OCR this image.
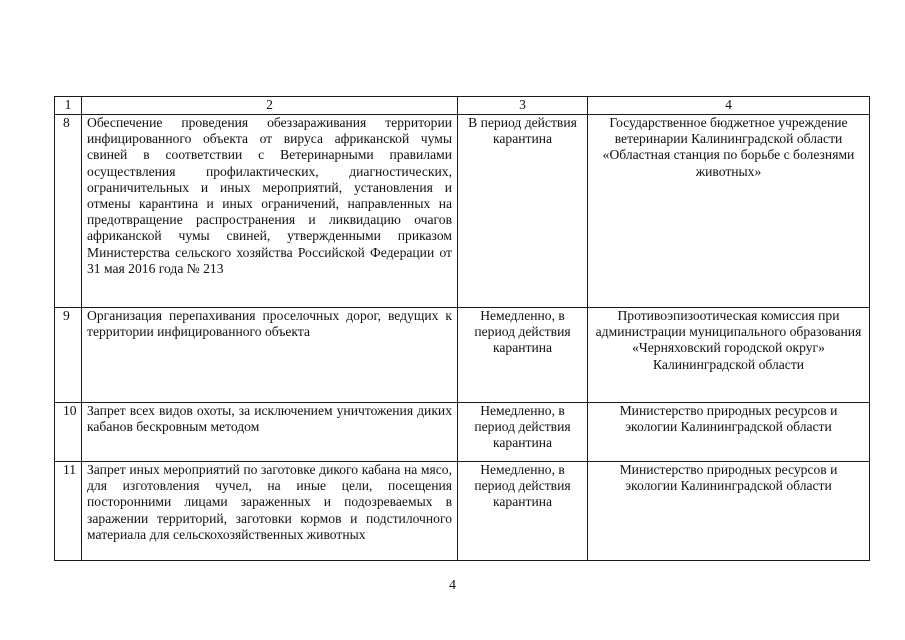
1	2	3	4
8	Обеспечение проведения обеззараживания территории инфицированного объекта от вируса африканской чумы свиней в соответствии с Ветеринарными правилами осуществления профилактических, диагностических, ограничительных и иных мероприятий, установления и отмены карантина и иных ограничений, направленных на предотвращение распространения и ликвидацию очагов африканской чумы свиней, утвержденными приказом Министерства сельского хозяйства Российской Федерации от 31 мая 2016 года № 213	В период действия карантина	Государственное бюджетное учреждение ветеринарии Калининградской области «Областная станция по борьбе с болезнями животных»
9	Организация перепахивания проселочных дорог, ведущих к территории инфицированного объекта	Немедленно, в период действия карантина	Противоэпизоотическая комиссия при администрации муниципального образования «Черняховский городской округ» Калининградской области
10	Запрет всех видов охоты, за исключением уничтожения диких кабанов бескровным методом	Немедленно, в период действия карантина	Министерство природных ресурсов и экологии Калининградской области
11	Запрет иных мероприятий по заготовке дикого кабана на мясо, для изготовления чучел, на иные цели, посещения посторонними лицами зараженных и подозреваемых в заражении территорий, заготовки кормов и подстилочного материала для сельскохозяйственных животных	Немедленно, в период действия карантина	Министерство природных ресурсов и экологии Калининградской области
4
